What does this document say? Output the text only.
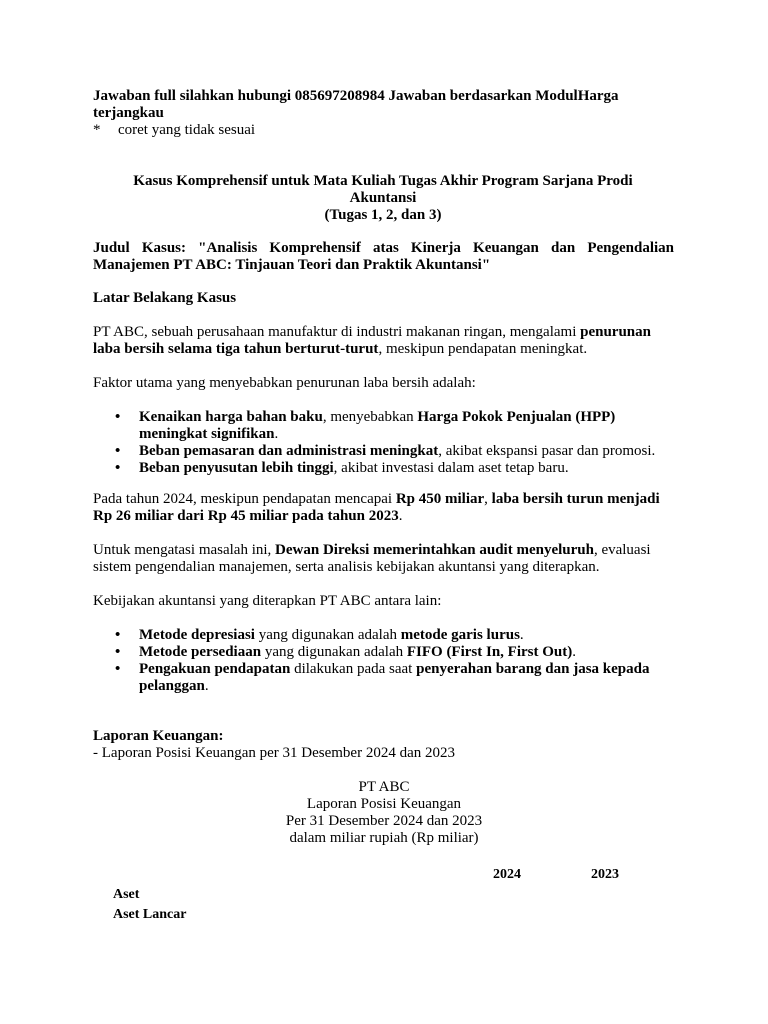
Jawaban full silahkan hubungi 085697208984 Jawaban berdasarkan ModulHarga terjangkau
* coret yang tidak sesuai
Kasus Komprehensif untuk Mata Kuliah Tugas Akhir Program Sarjana Prodi
Akuntansi
(Tugas 1, 2, dan 3)
Judul Kasus: "Analisis Komprehensif atas Kinerja Keuangan dan Pengendalian
Manajemen PT ABC: Tinjauan Teori dan Praktik Akuntansi"
Latar Belakang Kasus
PT ABC, sebuah perusahaan manufaktur di industri makanan ringan, mengalami penurunan laba bersih selama tiga tahun berturut-turut, meskipun pendapatan meningkat.
Faktor utama yang menyebabkan penurunan laba bersih adalah:
• Kenaikan harga bahan baku, menyebabkan Harga Pokok Penjualan (HPP) meningkat signifikan.
• Beban pemasaran dan administrasi meningkat, akibat ekspansi pasar dan promosi.
• Beban penyusutan lebih tinggi, akibat investasi dalam aset tetap baru.
Pada tahun 2024, meskipun pendapatan mencapai Rp 450 miliar, laba bersih turun menjadi Rp 26 miliar dari Rp 45 miliar pada tahun 2023.
Untuk mengatasi masalah ini, Dewan Direksi memerintahkan audit menyeluruh, evaluasi sistem pengendalian manajemen, serta analisis kebijakan akuntansi yang diterapkan.
Kebijakan akuntansi yang diterapkan PT ABC antara lain:
• Metode depresiasi yang digunakan adalah metode garis lurus.
• Metode persediaan yang digunakan adalah FIFO (First In, First Out).
• Pengakuan pendapatan dilakukan pada saat penyerahan barang dan jasa kepada pelanggan.
Laporan Keuangan:
- Laporan Posisi Keuangan per 31 Desember 2024 dan 2023
PT ABC
Laporan Posisi Keuangan
Per 31 Desember 2024 dan 2023
dalam miliar rupiah (Rp miliar)
2024	2023
Aset
Aset Lancar
